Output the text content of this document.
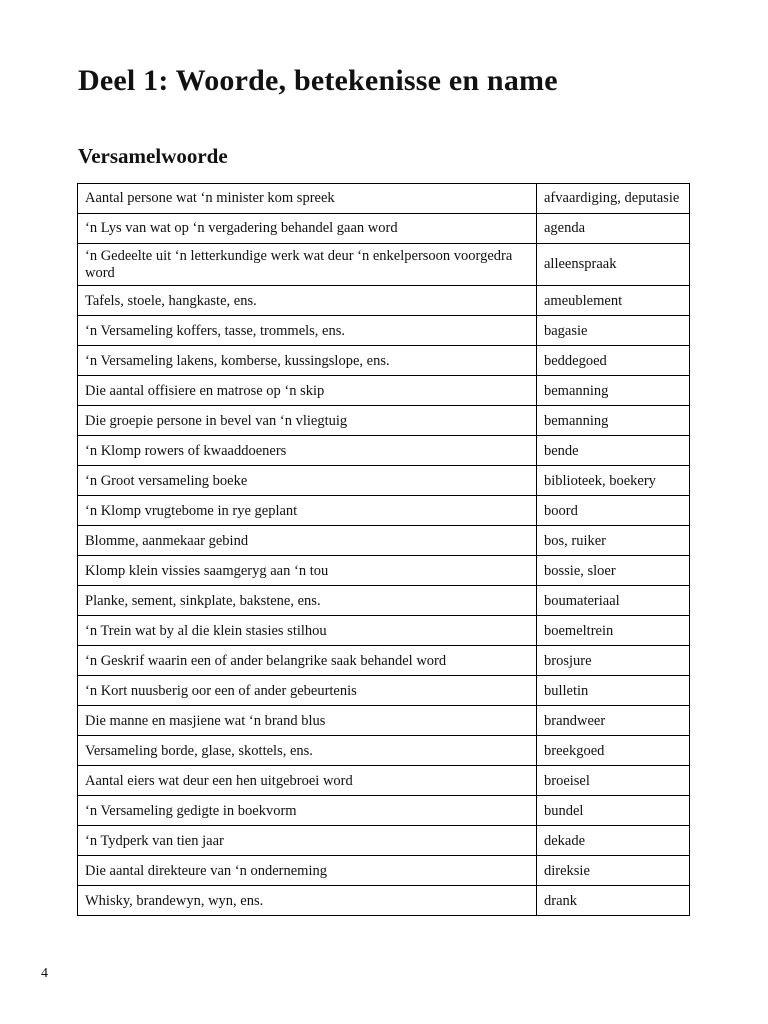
Deel 1: Woorde, betekenisse en name
Versamelwoorde
Aantal persone wat ‘n minister kom spreek	afvaardiging, deputasie
‘n Lys van wat op ‘n vergadering behandel gaan word	agenda
‘n Gedeelte uit ‘n letterkundige werk wat deur ‘n enkelpersoon voorgedra word	alleenspraak
Tafels, stoele, hangkaste, ens.	ameublement
‘n Versameling koffers, tasse, trommels, ens.	bagasie
‘n Versameling lakens, komberse, kussingslope, ens.	beddegoed
Die aantal offisiere en matrose op ‘n skip	bemanning
Die groepie persone in bevel van ‘n vliegtuig	bemanning
‘n Klomp rowers of kwaaddoeners	bende
‘n Groot versameling boeke	biblioteek, boekery
‘n Klomp vrugtebome in rye geplant	boord
Blomme, aanmekaar gebind	bos, ruiker
Klomp klein vissies saamgeryg aan ‘n tou	bossie, sloer
Planke, sement, sinkplate, bakstene, ens.	boumateriaal
‘n Trein wat by al die klein stasies stilhou	boemeltrein
‘n Geskrif waarin een of ander belangrike saak behandel word	brosjure
‘n Kort nuusberig oor een of ander gebeurtenis	bulletin
Die manne en masjiene wat ‘n brand blus	brandweer
Versameling borde, glase, skottels, ens.	breekgoed
Aantal eiers wat deur een hen uitgebroei word	broeisel
‘n Versameling gedigte in boekvorm	bundel
‘n Tydperk van tien jaar	dekade
Die aantal direkteure van ‘n onderneming	direksie
Whisky, brandewyn, wyn, ens.	drank
4
